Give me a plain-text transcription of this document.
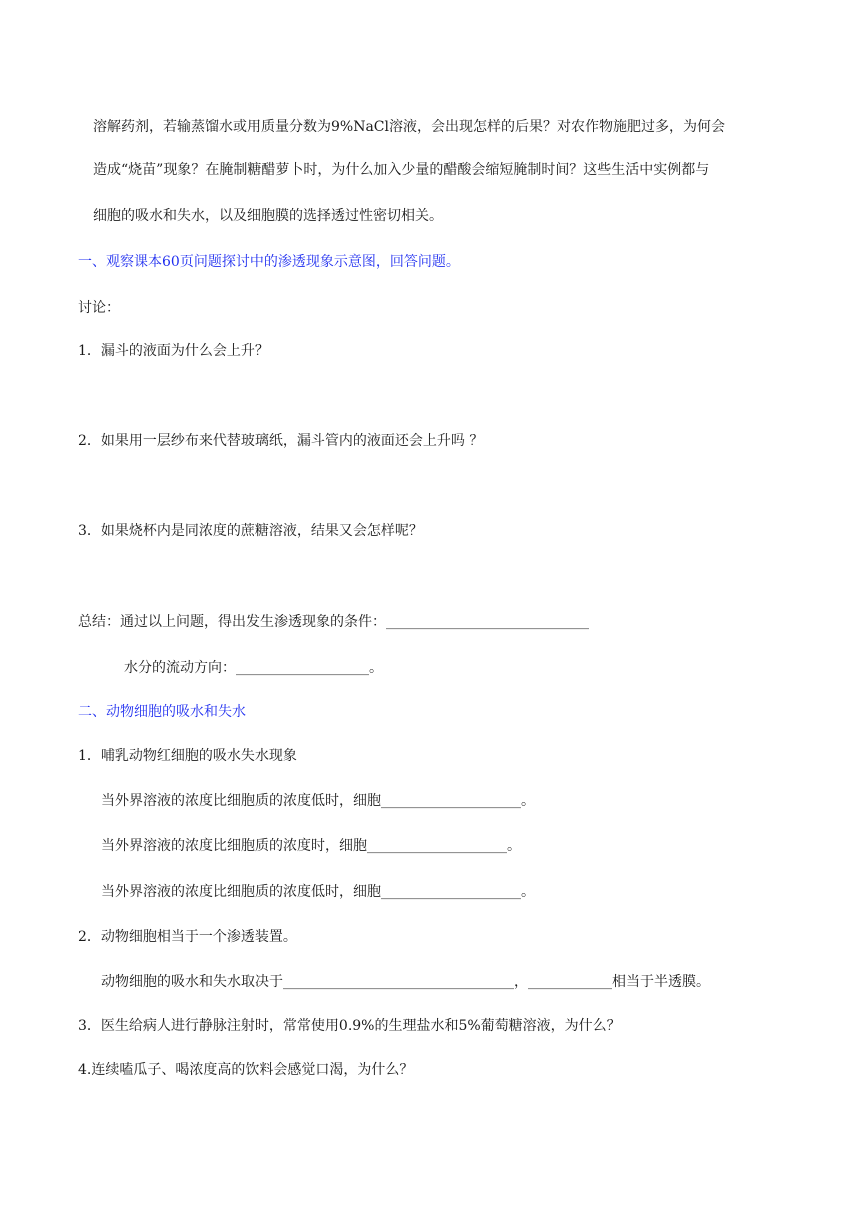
溶解药剂，若输蒸馏水或用质量分数为9%NaCl溶液，会出现怎样的后果？对农作物施肥过多，为何会
造成“烧苗”现象？在腌制糖醋萝卜时，为什么加入少量的醋酸会缩短腌制时间？这些生活中实例都与
细胞的吸水和失水，以及细胞膜的选择透过性密切相关。
一、观察课本60页问题探讨中的渗透现象示意图，回答问题。
讨论：
1．漏斗的液面为什么会上升？
2．如果用一层纱布来代替玻璃纸，漏斗管内的液面还会上升吗 ？
3．如果烧杯内是同浓度的蔗糖溶液，结果又会怎样呢？
总结：通过以上问题，得出发生渗透现象的条件：_____________________________
水分的流动方向：___________________。
二、动物细胞的吸水和失水
1．哺乳动物红细胞的吸水失水现象
当外界溶液的浓度比细胞质的浓度低时，细胞____________________。
当外界溶液的浓度比细胞质的浓度时，细胞____________________。
当外界溶液的浓度比细胞质的浓度低时，细胞____________________。
2．动物细胞相当于一个渗透装置。
动物细胞的吸水和失水取决于_________________________________，____________相当于半透膜。
3．医生给病人进行静脉注射时，常常使用0.9%的生理盐水和5%葡萄糖溶液，为什么？
4.连续嗑瓜子、喝浓度高的饮料会感觉口渴，为什么？
